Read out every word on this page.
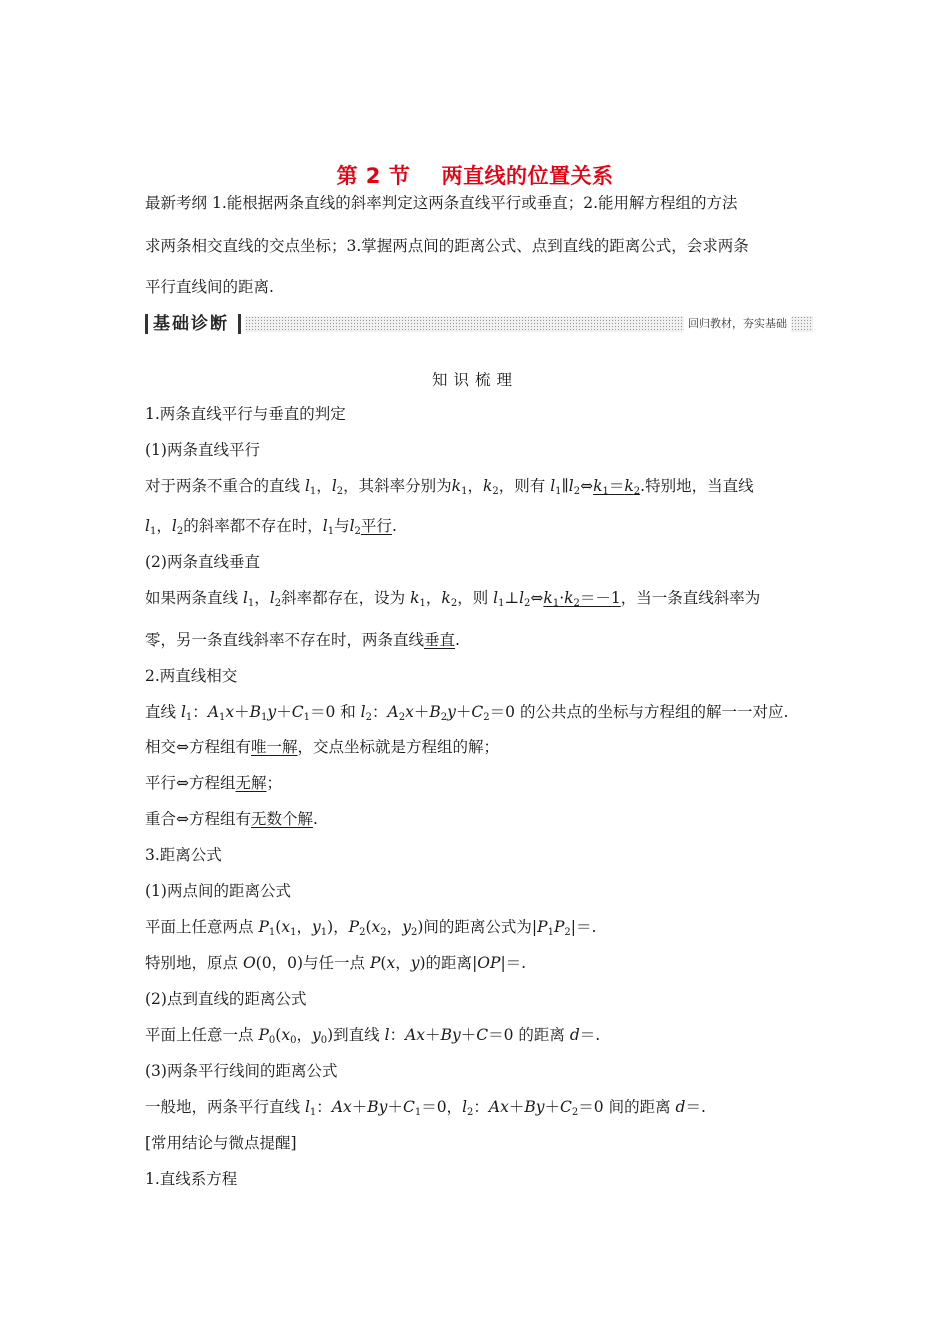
第 2 节    两直线的位置关系
最新考纲 1.能根据两条直线的斜率判定这两条直线平行或垂直；2.能用解方程组的方法
求两条相交直线的交点坐标；3.掌握两点间的距离公式、点到直线的距离公式，会求两条
平行直线间的距离.
基础诊断	回归教材，夯实基础
知识梳理
1.两条直线平行与垂直的判定
(1)两条直线平行
对于两条不重合的直线 $l_1$，$l_2$，其斜率分别为$k_1$，$k_2$，则有 $l_1\parallel l_2\Leftrightarrow k_1=k_2$.特别地，当直线
$l_1$，$l_2$的斜率都不存在时，$l_1$与$l_2$平行.
(2)两条直线垂直
如果两条直线 $l_1$，$l_2$斜率都存在，设为 $k_1$，$k_2$，则 $l_1\perp l_2\Leftrightarrow k_1\cdot k_2=-1$，当一条直线斜率为
零，另一条直线斜率不存在时，两条直线垂直.
2.两直线相交
直线 $l_1$：$A_1x+B_1y+C_1=0$ 和 $l_2$：$A_2x+B_2y+C_2=0$ 的公共点的坐标与方程组的解一一对应.
相交⇔方程组有唯一解，交点坐标就是方程组的解；
平行⇔方程组无解；
重合⇔方程组有无数个解.
3.距离公式
(1)两点间的距离公式
平面上任意两点 $P_1(x_1$，$y_1$)，$P_2(x_2$，$y_2$)间的距离公式为$|P_1P_2|=$.
特别地，原点 O(0，0)与任一点 P(x，y)的距离|OP|＝.
(2)点到直线的距离公式
平面上任意一点 $P_0(x_0$，$y_0$)到直线 l：Ax＋By＋C＝0 的距离 d＝.
(3)两条平行线间的距离公式
一般地，两条平行直线 $l_1$：$Ax+By+C_1=0$，$l_2$：$Ax+By+C_2=0$ 间的距离 d＝.
[常用结论与微点提醒]
1.直线系方程
